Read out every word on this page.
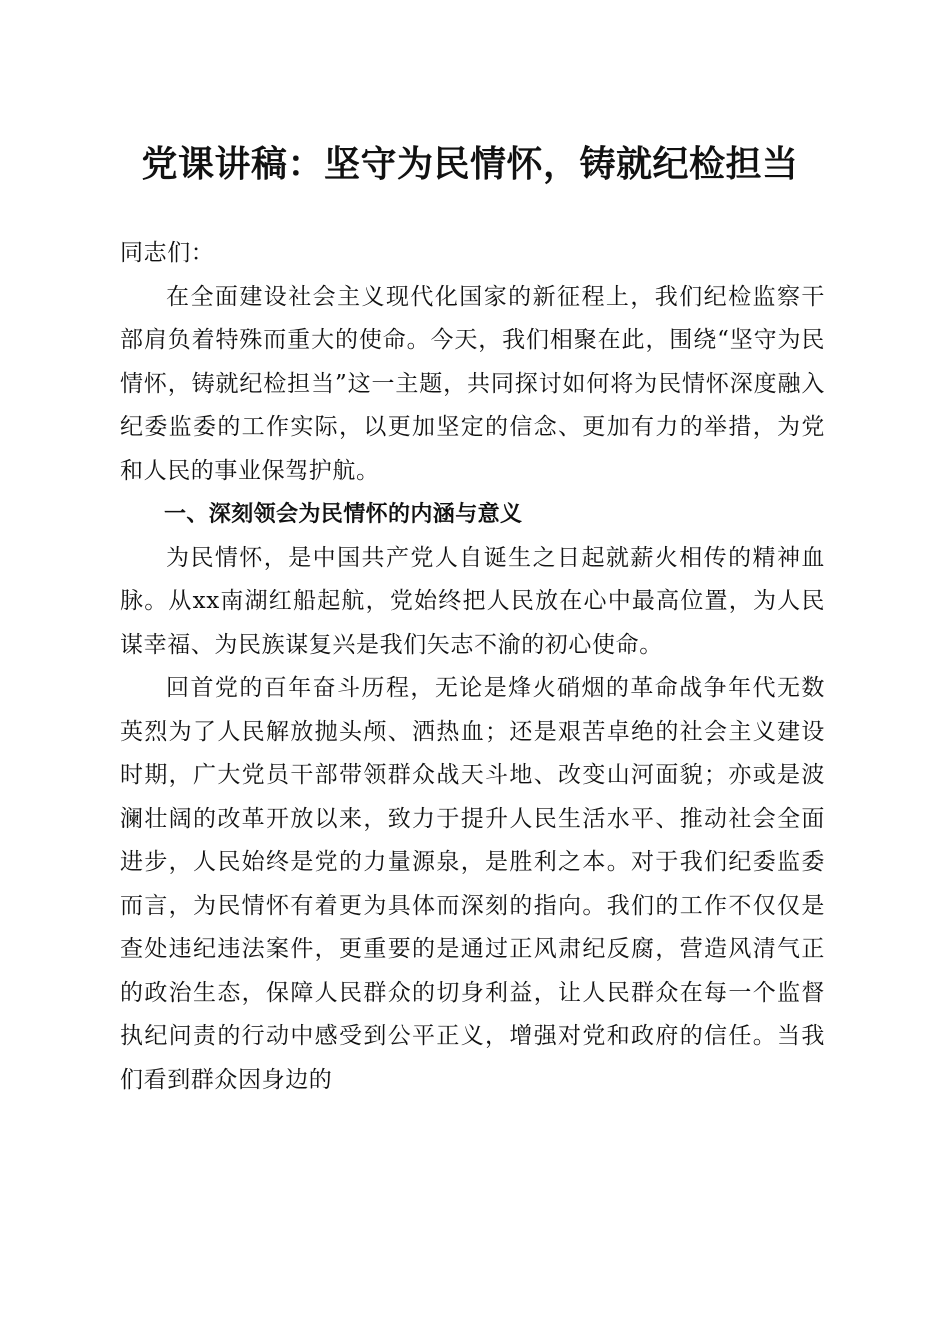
党课讲稿：坚守为民情怀，铸就纪检担当

同志们：

在全面建设社会主义现代化国家的新征程上，我们纪检监察干部肩负着特殊而重大的使命。今天，我们相聚在此，围绕“坚守为民情怀，铸就纪检担当”这一主题，共同探讨如何将为民情怀深度融入纪委监委的工作实际，以更加坚定的信念、更加有力的举措，为党和人民的事业保驾护航。

一、深刻领会为民情怀的内涵与意义

为民情怀，是中国共产党人自诞生之日起就薪火相传的精神血脉。从xx南湖红船起航，党始终把人民放在心中最高位置，为人民谋幸福、为民族谋复兴是我们矢志不渝的初心使命。

回首党的百年奋斗历程，无论是烽火硝烟的革命战争年代无数英烈为了人民解放抛头颅、洒热血；还是艰苦卓绝的社会主义建设时期，广大党员干部带领群众战天斗地、改变山河面貌；亦或是波澜壮阔的改革开放以来，致力于提升人民生活水平、推动社会全面进步，人民始终是党的力量源泉，是胜利之本。对于我们纪委监委而言，为民情怀有着更为具体而深刻的指向。我们的工作不仅仅是查处违纪违法案件，更重要的是通过正风肃纪反腐，营造风清气正的政治生态，保障人民群众的切身利益，让人民群众在每一个监督执纪问责的行动中感受到公平正义，增强对党和政府的信任。当我们看到群众因身边的
